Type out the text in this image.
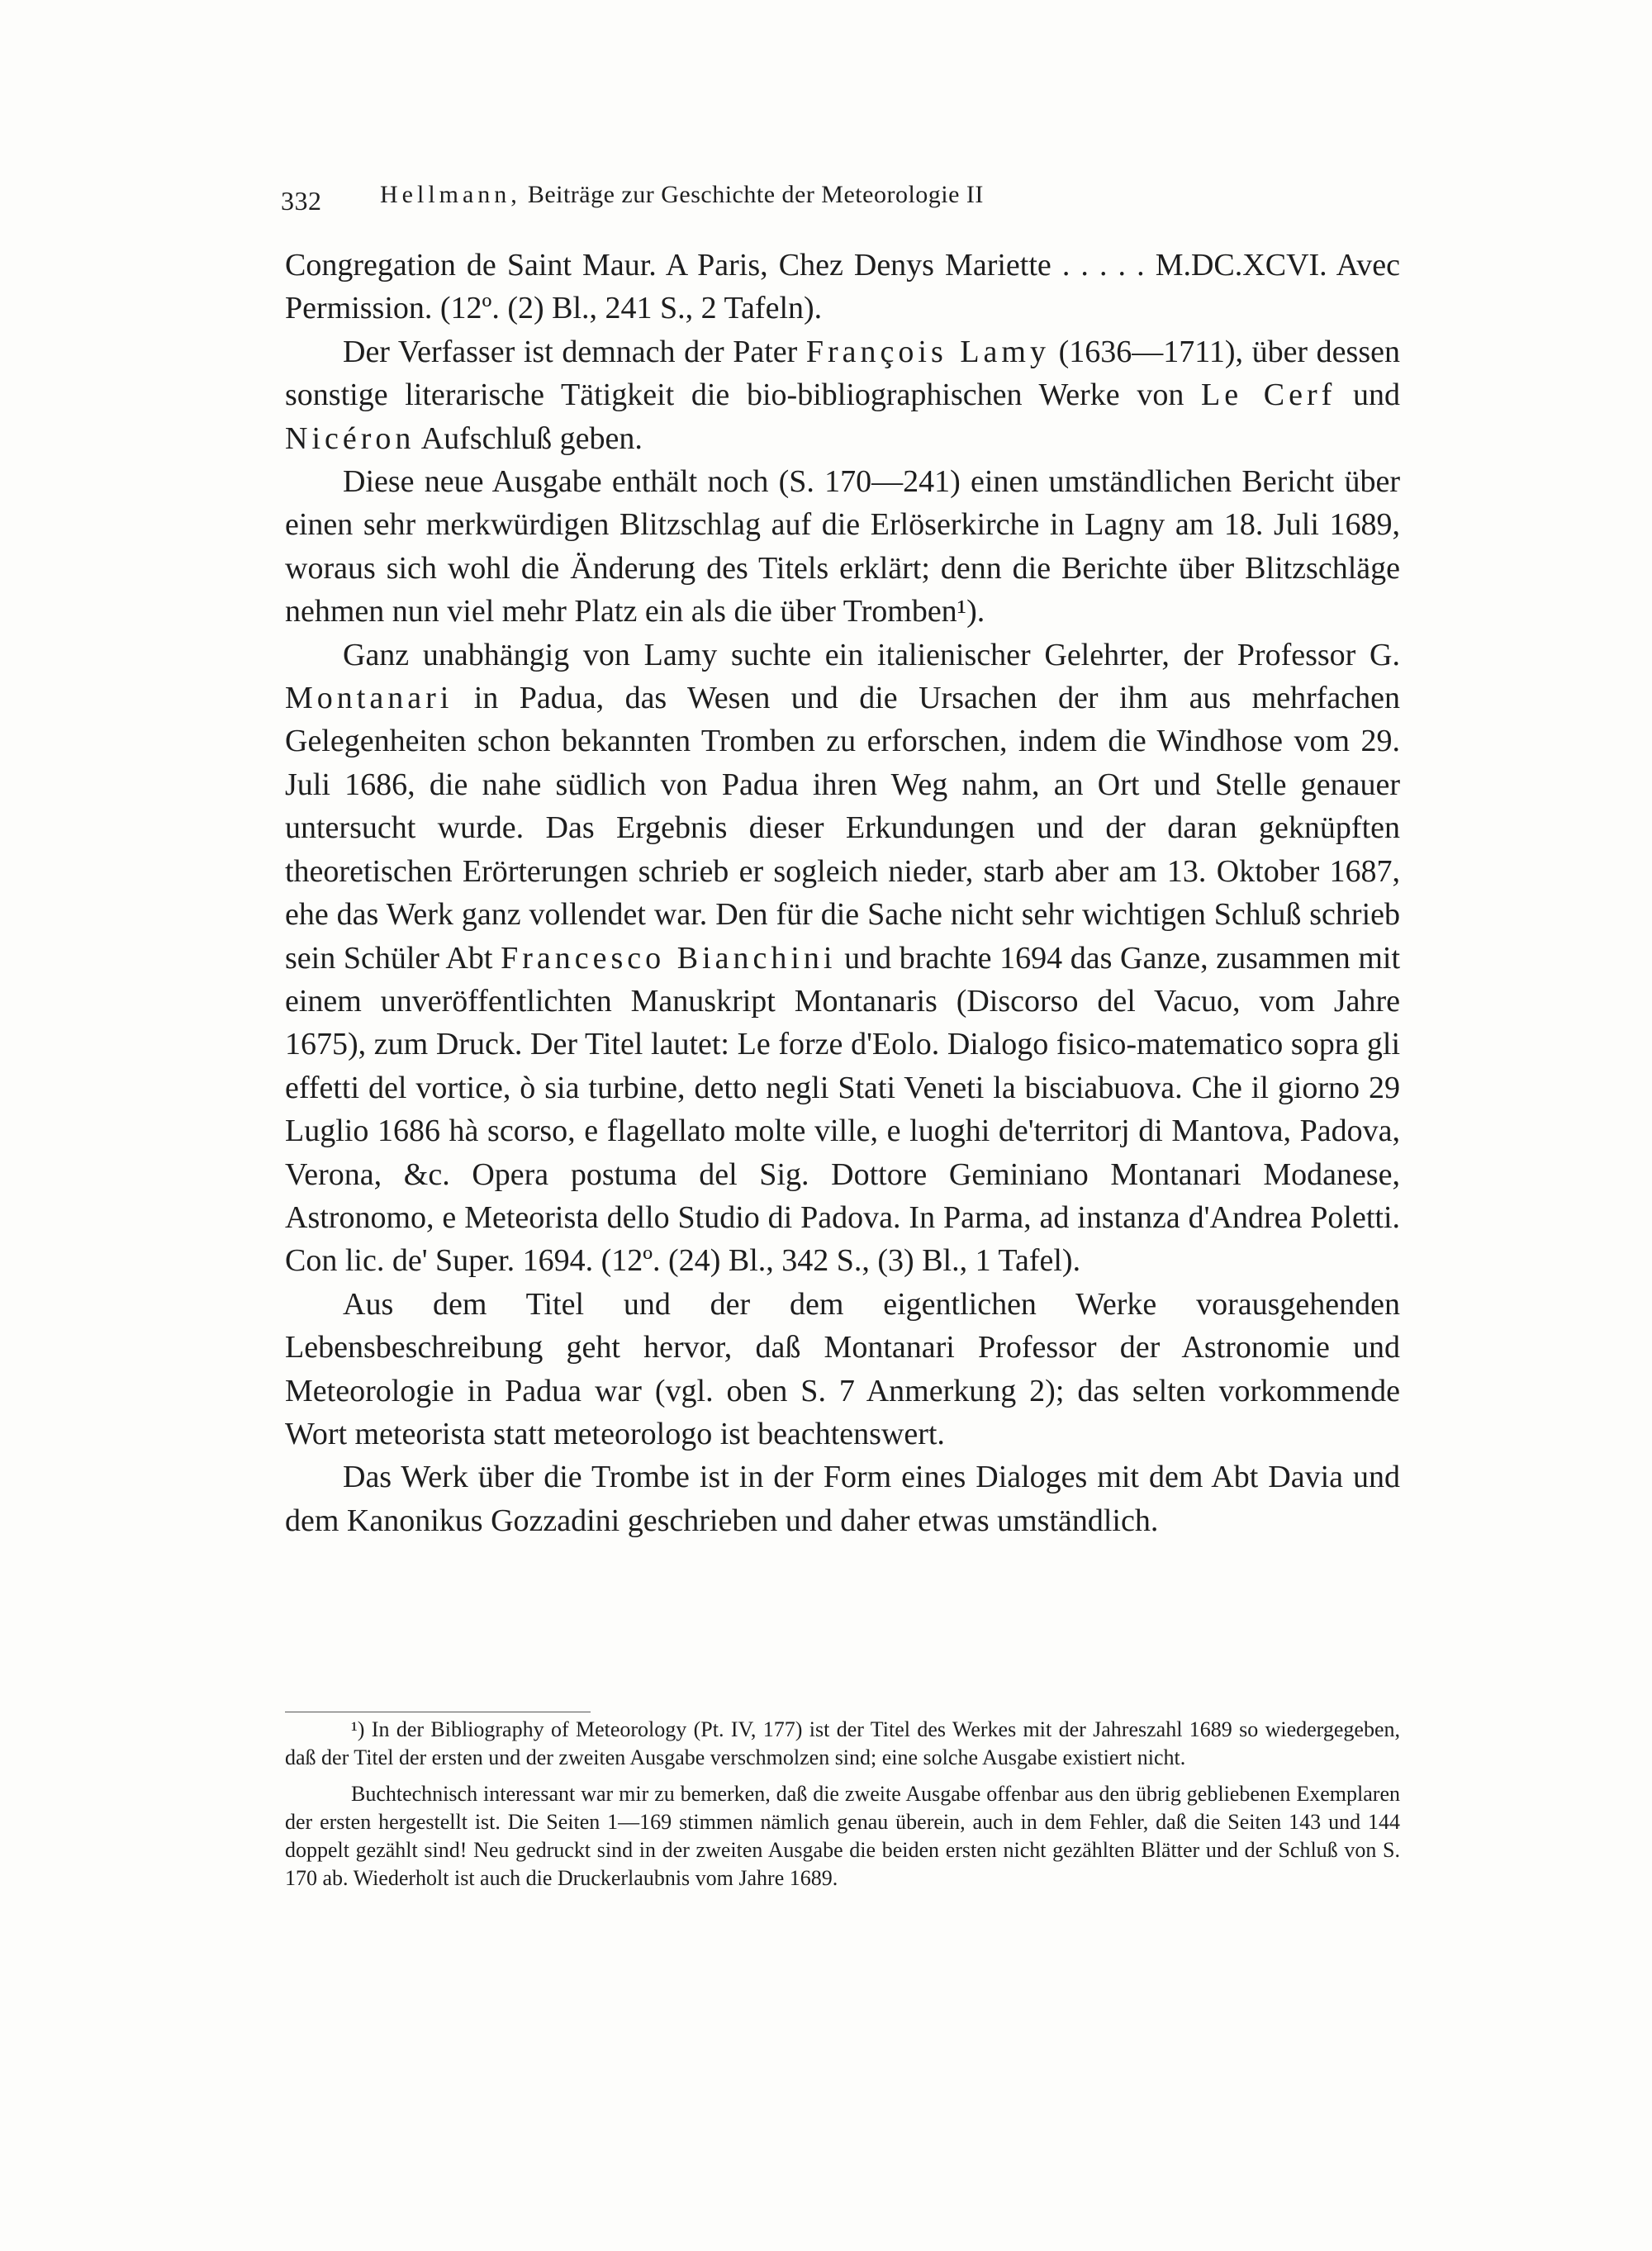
332 Hellmann, Beiträge zur Geschichte der Meteorologie II

Congregation de Saint Maur. A Paris, Chez Denys Mariette . . . . . M.DC.XCVI. Avec Permission. (12º. (2) Bl., 241 S., 2 Tafeln).

Der Verfasser ist demnach der Pater François Lamy (1636—1711), über dessen sonstige literarische Tätigkeit die bio-bibliographischen Werke von Le Cerf und Nicéron Aufschluß geben.

Diese neue Ausgabe enthält noch (S. 170—241) einen umständlichen Bericht über einen sehr merkwürdigen Blitzschlag auf die Erlöserkirche in Lagny am 18. Juli 1689, woraus sich wohl die Änderung des Titels erklärt; denn die Berichte über Blitzschläge nehmen nun viel mehr Platz ein als die über Tromben¹).

Ganz unabhängig von Lamy suchte ein italienischer Gelehrter, der Professor G. Montanari in Padua, das Wesen und die Ursachen der ihm aus mehrfachen Gelegenheiten schon bekannten Tromben zu erforschen, indem die Windhose vom 29. Juli 1686, die nahe südlich von Padua ihren Weg nahm, an Ort und Stelle genauer untersucht wurde. Das Ergebnis dieser Erkundungen und der daran geknüpften theoretischen Erörterungen schrieb er sogleich nieder, starb aber am 13. Oktober 1687, ehe das Werk ganz vollendet war. Den für die Sache nicht sehr wichtigen Schluß schrieb sein Schüler Abt Francesco Bianchini und brachte 1694 das Ganze, zusammen mit einem unveröffentlichten Manuskript Montanaris (Discorso del Vacuo, vom Jahre 1675), zum Druck. Der Titel lautet: Le forze d'Eolo. Dialogo fisico-matematico sopra gli effetti del vortice, ò sia turbine, detto negli Stati Veneti la bisciabuova. Che il giorno 29 Luglio 1686 hà scorso, e flagellato molte ville, e luoghi de'territorj di Mantova, Padova, Verona, &c. Opera postuma del Sig. Dottore Geminiano Montanari Modanese, Astronomo, e Meteorista dello Studio di Padova. In Parma, ad instanza d'Andrea Poletti. Con lic. de' Super. 1694. (12º. (24) Bl., 342 S., (3) Bl., 1 Tafel).

Aus dem Titel und der dem eigentlichen Werke vorausgehenden Lebensbeschreibung geht hervor, daß Montanari Professor der Astronomie und Meteorologie in Padua war (vgl. oben S. 7 Anmerkung 2); das selten vorkommende Wort meteorista statt meteorologo ist beachtenswert.

Das Werk über die Trombe ist in der Form eines Dialoges mit dem Abt Davia und dem Kanonikus Gozzadini geschrieben und daher etwas umständlich.

¹) In der Bibliography of Meteorology (Pt. IV, 177) ist der Titel des Werkes mit der Jahreszahl 1689 so wiedergegeben, daß der Titel der ersten und der zweiten Ausgabe verschmolzen sind; eine solche Ausgabe existiert nicht.

Buchtechnisch interessant war mir zu bemerken, daß die zweite Ausgabe offenbar aus den übrig gebliebenen Exemplaren der ersten hergestellt ist. Die Seiten 1—169 stimmen nämlich genau überein, auch in dem Fehler, daß die Seiten 143 und 144 doppelt gezählt sind! Neu gedruckt sind in der zweiten Ausgabe die beiden ersten nicht gezählten Blätter und der Schluß von S. 170 ab. Wiederholt ist auch die Druckerlaubnis vom Jahre 1689.
